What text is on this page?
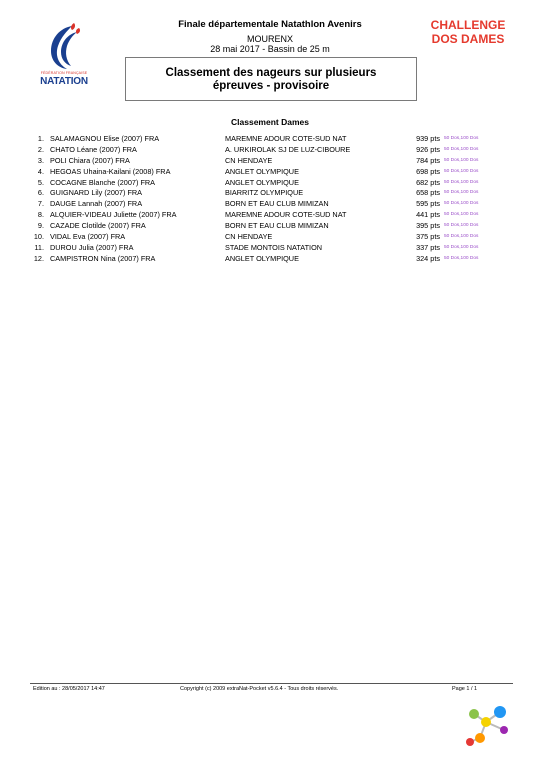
FÉDÉRATION FRANÇAISE
NATATION
Finale départementale Natathlon Avenirs
MOURENX
28 mai 2017 - Bassin de 25 m
CHALLENGE
DOS DAMES
Classement des nageurs sur plusieurs
épreuves - provisoire
Classement Dames
1. SALAMAGNOU Elise (2007) FRA	MAREMNE ADOUR COTE-SUD NAT	939 pts 50 Dos,100 Dos
2. CHATO Léane (2007) FRA	A. URKIROLAK SJ DE LUZ-CIBOURE	926 pts 50 Dos,100 Dos
3. POLI Chiara (2007) FRA	CN HENDAYE	784 pts 50 Dos,100 Dos
4. HEGOAS Uhaina-Kailani (2008) FRA	ANGLET OLYMPIQUE	698 pts 50 Dos,100 Dos
5. COCAGNE Blanche (2007) FRA	ANGLET OLYMPIQUE	682 pts 50 Dos,100 Dos
6. GUIGNARD Lily (2007) FRA	BIARRITZ OLYMPIQUE	658 pts 50 Dos,100 Dos
7. DAUGE Lannah (2007) FRA	BORN ET EAU CLUB MIMIZAN	595 pts 50 Dos,100 Dos
8. ALQUIER-VIDEAU Juliette (2007) FRA	MAREMNE ADOUR COTE-SUD NAT	441 pts 50 Dos,100 Dos
9. CAZADE Clotilde (2007) FRA	BORN ET EAU CLUB MIMIZAN	395 pts 50 Dos,100 Dos
10. VIDAL Eva (2007) FRA	CN HENDAYE	375 pts 50 Dos,100 Dos
11. DUROU Julia (2007) FRA	STADE MONTOIS NATATION	337 pts 50 Dos,100 Dos
12. CAMPISTRON Nina (2007) FRA	ANGLET OLYMPIQUE	324 pts 50 Dos,100 Dos
Edition au : 28/05/2017 14:47	Copyright (c) 2009 extraNat-Pocket v5.6.4 - Tous droits réservés.	Page 1 / 1
